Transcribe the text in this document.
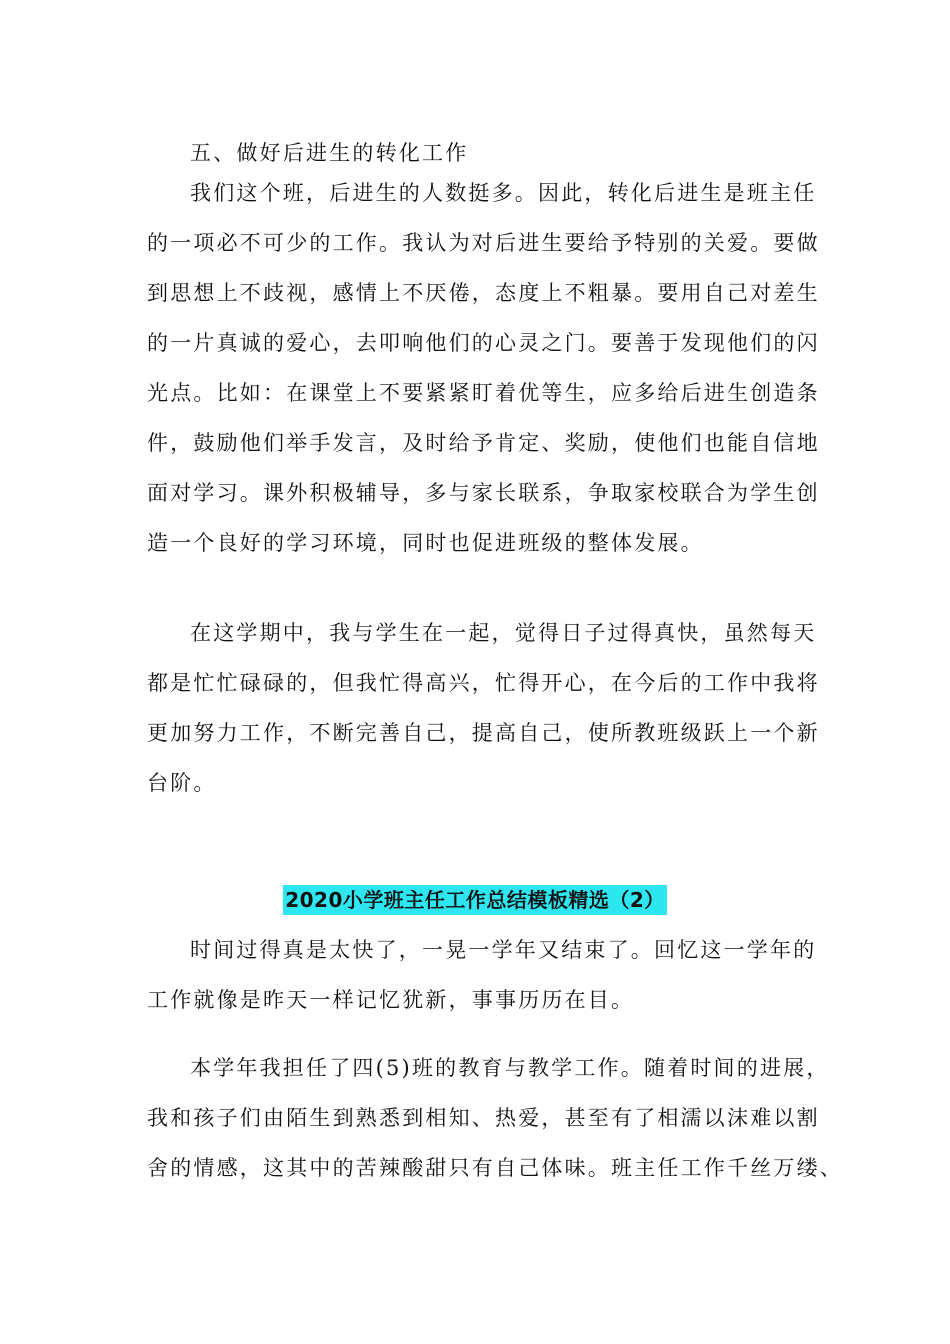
五、做好后进生的转化工作
我们这个班，后进生的人数挺多。因此，转化后进生是班主任
的一项必不可少的工作。我认为对后进生要给予特别的关爱。要做
到思想上不歧视，感情上不厌倦，态度上不粗暴。要用自己对差生
的一片真诚的爱心，去叩响他们的心灵之门。要善于发现他们的闪
光点。比如：在课堂上不要紧紧盯着优等生，应多给后进生创造条
件，鼓励他们举手发言，及时给予肯定、奖励，使他们也能自信地
面对学习。课外积极辅导，多与家长联系，争取家校联合为学生创
造一个良好的学习环境，同时也促进班级的整体发展。
在这学期中，我与学生在一起，觉得日子过得真快，虽然每天
都是忙忙碌碌的，但我忙得高兴，忙得开心，在今后的工作中我将
更加努力工作，不断完善自己，提高自己，使所教班级跃上一个新
台阶。
2020小学班主任工作总结模板精选（2）
时间过得真是太快了，一晃一学年又结束了。回忆这一学年的
工作就像是昨天一样记忆犹新，事事历历在目。
本学年我担任了四(5)班的教育与教学工作。随着时间的进展，
我和孩子们由陌生到熟悉到相知、热爱，甚至有了相濡以沫难以割
舍的情感，这其中的苦辣酸甜只有自己体味。班主任工作千丝万缕、
